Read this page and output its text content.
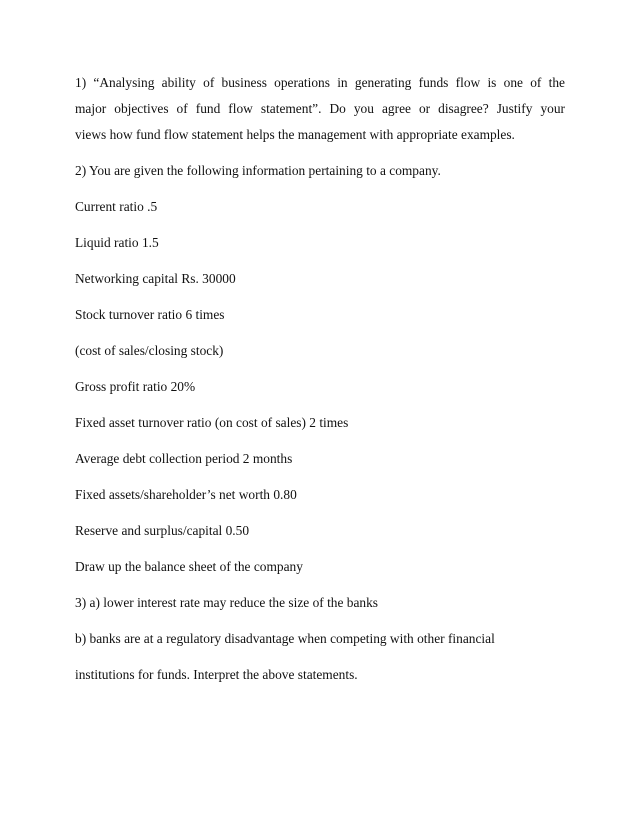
1) “Analysing ability of business operations in generating funds flow is one of the
major objectives of fund flow statement”. Do you agree or disagree? Justify your
views how fund flow statement helps the management with appropriate examples.

2) You are given the following information pertaining to a company.

Current ratio .5

Liquid ratio 1.5

Networking capital Rs. 30000

Stock turnover ratio 6 times

(cost of sales/closing stock)

Gross profit ratio 20%

Fixed asset turnover ratio (on cost of sales) 2 times

Average debt collection period 2 months

Fixed assets/shareholder’s net worth 0.80

Reserve and surplus/capital 0.50

Draw up the balance sheet of the company

3) a) lower interest rate may reduce the size of the banks

b) banks are at a regulatory disadvantage when competing with other financial

institutions for funds. Interpret the above statements.
